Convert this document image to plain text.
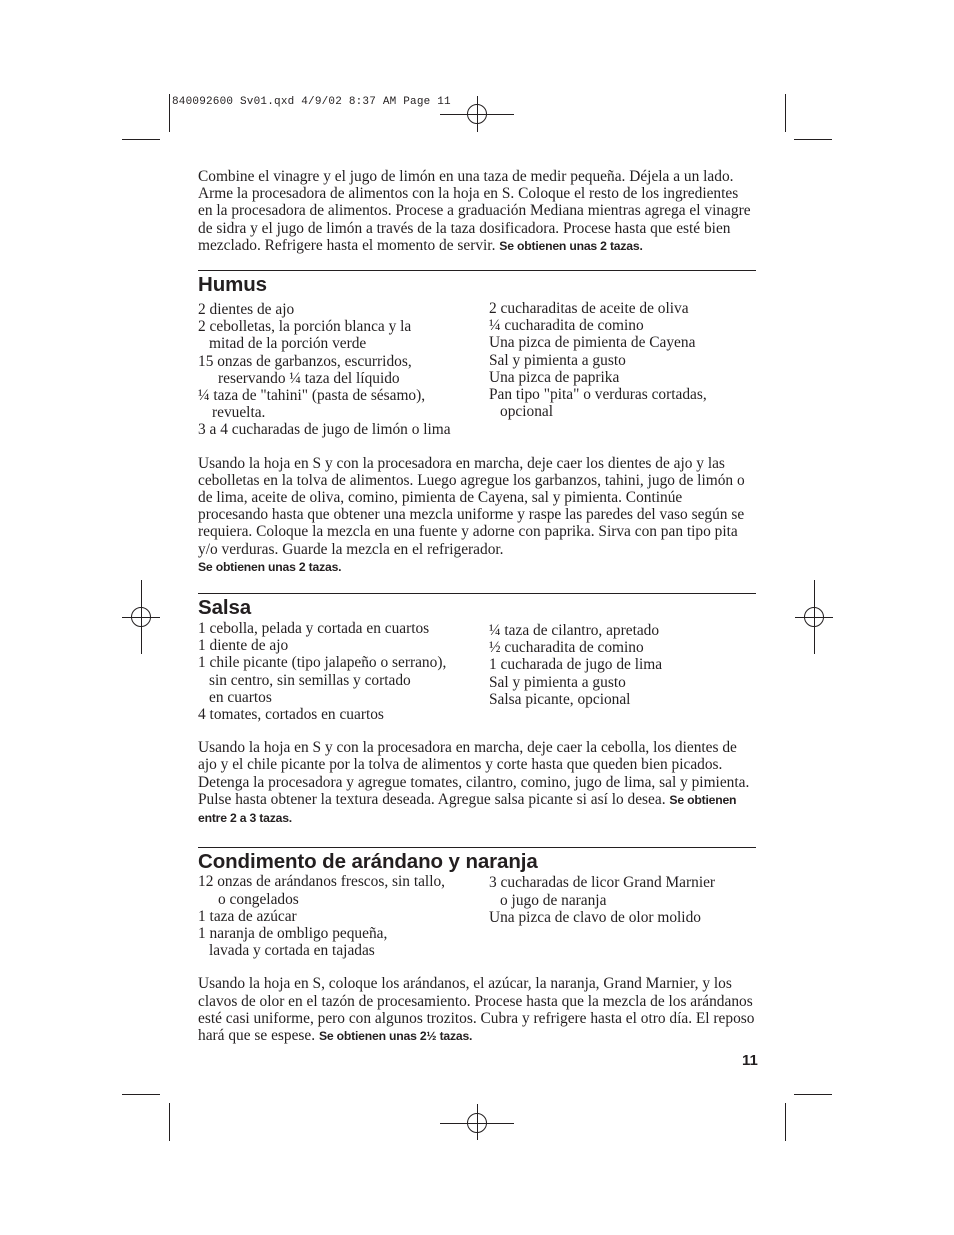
840092600 Sv01.qxd 4/9/02 8:37 AM Page 11

Combine el vinagre y el jugo de limón en una taza de medir pequeña. Déjela a un lado. Arme la procesadora de alimentos con la hoja en S. Coloque el resto de los ingredientes en la procesadora de alimentos. Procese a graduación Mediana mientras agrega el vinagre de sidra y el jugo de limón a través de la taza dosificadora. Procese hasta que esté bien mezclado. Refrigere hasta el momento de servir. Se obtienen unas 2 tazas.

Humus
2 dientes de ajo
2 cebolletas, la porción blanca y la
mitad de la porción verde
15 onzas de garbanzos, escurridos,
reservando ¼ taza del líquido
¼ taza de "tahini" (pasta de sésamo),
revuelta.
3 a 4 cucharadas de jugo de limón o lima
2 cucharaditas de aceite de oliva
¼ cucharadita de comino
Una pizca de pimienta de Cayena
Sal y pimienta a gusto
Una pizca de paprika
Pan tipo "pita" o verduras cortadas,
opcional

Usando la hoja en S y con la procesadora en marcha, deje caer los dientes de ajo y las cebolletas en la tolva de alimentos. Luego agregue los garbanzos, tahini, jugo de limón o de lima, aceite de oliva, comino, pimienta de Cayena, sal y pimienta. Continúe procesando hasta que obtener una mezcla uniforme y raspe las paredes del vaso según se requiera. Coloque la mezcla en una fuente y adorne con paprika. Sirva con pan tipo pita y/o verduras. Guarde la mezcla en el refrigerador.
Se obtienen unas 2 tazas.

Salsa
1 cebolla, pelada y cortada en cuartos
1 diente de ajo
1 chile picante (tipo jalapeño o serrano),
sin centro, sin semillas y cortado
en cuartos
4 tomates, cortados en cuartos
¼ taza de cilantro, apretado
½ cucharadita de comino
1 cucharada de jugo de lima
Sal y pimienta a gusto
Salsa picante, opcional

Usando la hoja en S y con la procesadora en marcha, deje caer la cebolla, los dientes de ajo y el chile picante por la tolva de alimentos y corte hasta que queden bien picados. Detenga la procesadora y agregue tomates, cilantro, comino, jugo de lima, sal y pimienta. Pulse hasta obtener la textura deseada. Agregue salsa picante si así lo desea. Se obtienen entre 2 a 3 tazas.

Condimento de arándano y naranja
12 onzas de arándanos frescos, sin tallo,
o congelados
1 taza de azúcar
1 naranja de ombligo pequeña,
lavada y cortada en tajadas
3 cucharadas de licor Grand Marnier
o jugo de naranja
Una pizca de clavo de olor molido

Usando la hoja en S, coloque los arándanos, el azúcar, la naranja, Grand Marnier, y los clavos de olor en el tazón de procesamiento. Procese hasta que la mezcla de los arándanos esté casi uniforme, pero con algunos trozitos. Cubra y refrigere hasta el otro día. El reposo hará que se espese. Se obtienen unas 2½ tazas.

11
